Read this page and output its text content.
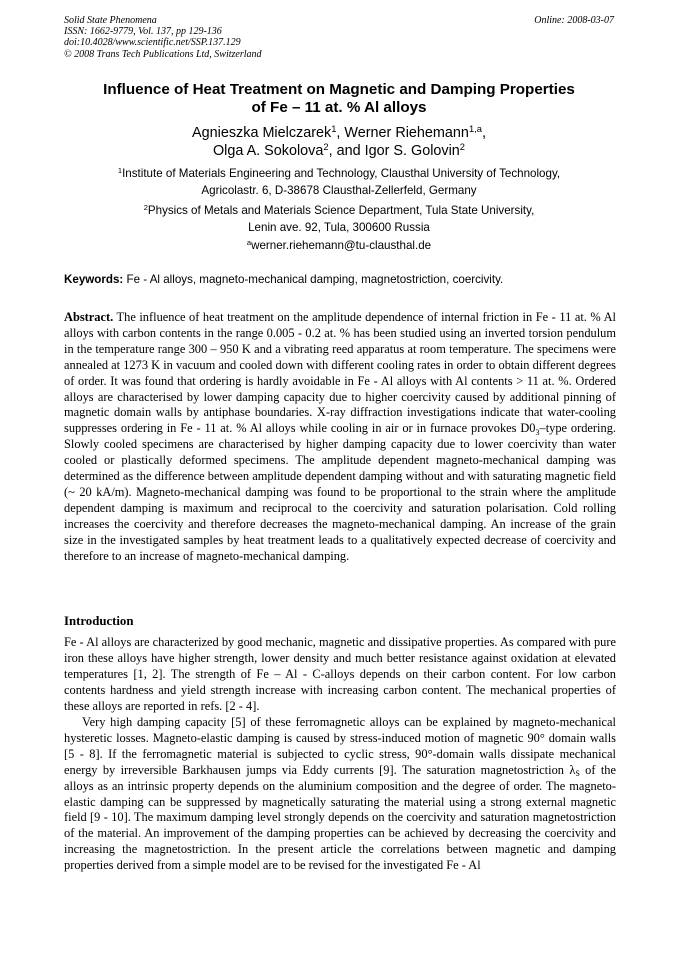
Solid State Phenomena
ISSN: 1662-9779, Vol. 137, pp 129-136
doi:10.4028/www.scientific.net/SSP.137.129
© 2008 Trans Tech Publications Ltd, Switzerland
Online: 2008-03-07
Influence of Heat Treatment on Magnetic and Damping Properties
of Fe – 11 at. % Al alloys
Agnieszka Mielczarek$^1$, Werner Riehemann$^{1,a}$,
Olga A. Sokolova$^2$, and Igor S. Golovin$^2$
$^1$Institute of Materials Engineering and Technology, Clausthal University of Technology,
Agricolastr. 6, D-38678 Clausthal-Zellerfeld, Germany
$^2$Physics of Metals and Materials Science Department, Tula State University,
Lenin ave. 92, Tula, 300600 Russia
$^a$werner.riehemann@tu-clausthal.de
Keywords: Fe - Al alloys, magneto-mechanical damping, magnetostriction, coercivity.

Abstract. The influence of heat treatment on the amplitude dependence of internal friction in Fe - 11 at. % Al alloys with carbon contents in the range 0.005 - 0.2 at. % has been studied using an inverted torsion pendulum in the temperature range 300 – 950 K and a vibrating reed apparatus at room temperature. The specimens were annealed at 1273 K in vacuum and cooled down with different cooling rates in order to obtain different degrees of order. It was found that ordering is hardly avoidable in Fe - Al alloys with Al contents > 11 at. %. Ordered alloys are characterised by lower damping capacity due to higher coercivity caused by additional pinning of magnetic domain walls by antiphase boundaries. X-ray diffraction investigations indicate that water-cooling suppresses ordering in Fe - 11 at. % Al alloys while cooling in air or in furnace provokes $D0_3$–type ordering. Slowly cooled specimens are characterised by higher damping capacity due to lower coercivity than water cooled or plastically deformed specimens. The amplitude dependent magneto-mechanical damping was determined as the difference between amplitude dependent damping without and with saturating magnetic field (~ 20 kA/m). Magneto-mechanical damping was found to be proportional to the strain where the amplitude dependent damping is maximum and reciprocal to the coercivity and saturation polarisation. Cold rolling increases the coercivity and therefore decreases the magneto-mechanical damping. An increase of the grain size in the investigated samples by heat treatment leads to a qualitatively expected decrease of coercivity and therefore to an increase of magneto-mechanical damping.

Introduction

Fe - Al alloys are characterized by good mechanic, magnetic and dissipative properties. As compared with pure iron these alloys have higher strength, lower density and much better resistance against oxidation at elevated temperatures [1, 2]. The strength of Fe – Al - C-alloys depends on their carbon content. For low carbon contents hardness and yield strength increase with increasing carbon content. The mechanical properties of these alloys are reported in refs. [2 - 4].

Very high damping capacity [5] of these ferromagnetic alloys can be explained by magneto-mechanical hysteretic losses. Magneto-elastic damping is caused by stress-induced motion of magnetic 90° domain walls [5 - 8]. If the ferromagnetic material is subjected to cyclic stress, 90°-domain walls dissipate mechanical energy by irreversible Barkhausen jumps via Eddy currents [9]. The saturation magnetostriction $\lambda_S$ of the alloys as an intrinsic property depends on the aluminium composition and the degree of order. The magneto-elastic damping can be suppressed by magnetically saturating the material using a strong external magnetic field [9 - 10]. The maximum damping level strongly depends on the coercivity and saturation magnetostriction of the material. An improvement of the damping properties can be achieved by decreasing the coercivity and increasing the magnetostriction. In the present article the correlations between magnetic and damping properties derived from a simple model are to be revised for the investigated Fe - Al
